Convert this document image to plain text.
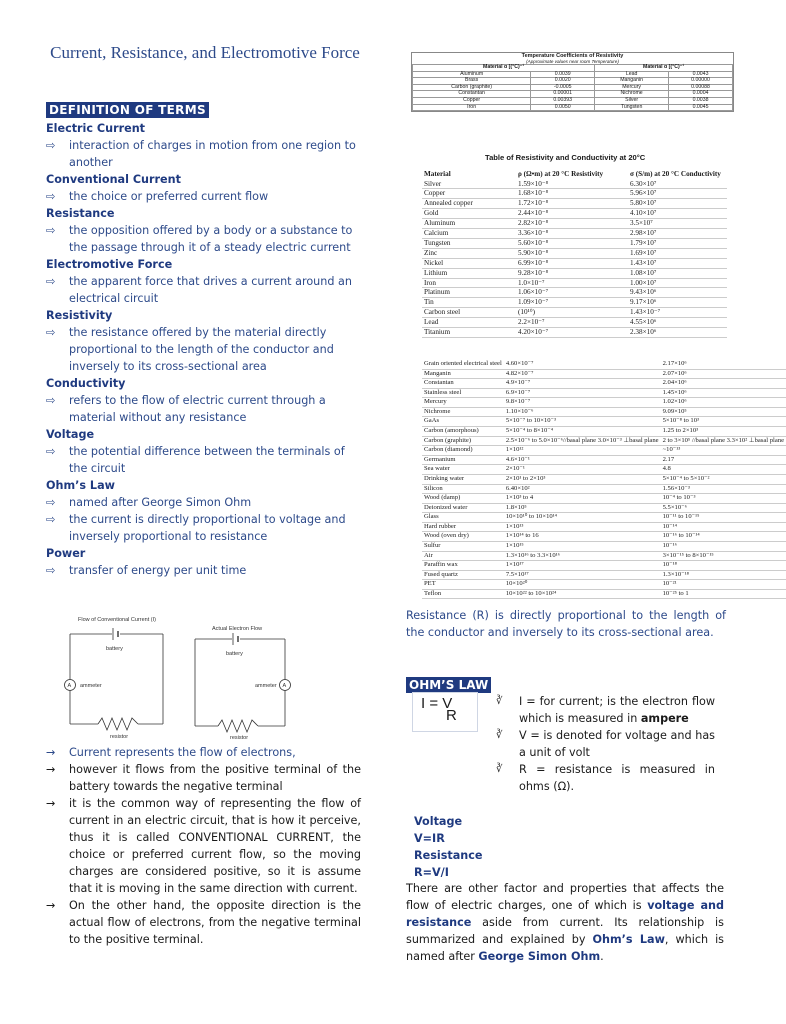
Current, Resistance, and Electromotive Force
DEFINITION OF TERMS
Electric Current
⇨ interaction of charges in motion from one region to another
Conventional Current
⇨ the choice or preferred current flow
Resistance
⇨ the opposition offered by a body or a substance to the passage through it of a steady electric current
Electromotive Force
⇨ the apparent force that drives a current around an electrical circuit
Resistivity
⇨ the resistance offered by the material directly proportional to the length of the conductor and inversely to its cross-sectional area
Conductivity
⇨ refers to the flow of electric current through a material without any resistance
Voltage
⇨ the potential difference between the terminals of the circuit
Ohm’s Law
⇨ named after George Simon Ohm
⇨ the current is directly proportional to voltage and inversely proportional to resistance
Power
⇨ transfer of energy per unit time
Flow of Conventional Current (I)
battery
A ammeter
resistor
Actual Electron Flow
battery
A
ammeter
resistor
→ Current represents the flow of electrons,
→ however it flows from the positive terminal of the battery towards the negative terminal
→ it is the common way of representing the flow of current in an electric circuit, that is how it perceive, thus it is called CONVENTIONAL CURRENT, the choice or preferred current flow, so the moving charges are considered positive, so it is assume that it is moving in the same direction with current.
→ On the other hand, the opposite direction is the actual flow of electrons, from the negative terminal to the positive terminal.
Temperature Coefficients of Resistivity
(Approximate values near room Temperature)
Material α [(°C)⁻¹		Material α [(°C)⁻¹	
Aluminum	0.0039	Lead	0.0043
Brass	0.0020	Manganin	0.00000
Carbon (graphite)	-0.0005	Mercury	0.00088
Constantan	0.00001	Nichrome	0.0004
Copper	0.00393	Silver	0.0038
Iron	0.0050	Tungsten	0.0045
Table of Resistivity and Conductivity at 20°C
Material	ρ (Ω•m) at 20 °C Resistivity	σ (S/m) at 20 °C Conductivity
Silver	1.59×10⁻⁸	6.30×10⁷
Copper	1.68×10⁻⁸	5.96×10⁷
Annealed copper	1.72×10⁻⁸	5.80×10⁷
Gold	2.44×10⁻⁸	4.10×10⁷
Aluminum	2.82×10⁻⁸	3.5×10⁷
Calcium	3.36×10⁻⁸	2.98×10⁷
Tungsten	5.60×10⁻⁸	1.79×10⁷
Zinc	5.90×10⁻⁸	1.69×10⁷
Nickel	6.99×10⁻⁸	1.43×10⁷
Lithium	9.28×10⁻⁸	1.08×10⁷
Iron	1.0×10⁻⁷	1.00×10⁷
Platinum	1.06×10⁻⁷	9.43×10⁶
Tin	1.09×10⁻⁷	9.17×10⁶
Carbon steel	(10¹⁰)	1.43×10⁻⁷
Lead	2.2×10⁻⁷	4.55×10⁶
Titanium	4.20×10⁻⁷	2.38×10⁶
Grain oriented electrical steel	4.60×10⁻⁷	2.17×10⁶
Manganin	4.82×10⁻⁷	2.07×10⁶
Constantan	4.9×10⁻⁷	2.04×10⁶
Stainless steel	6.9×10⁻⁷	1.45×10⁶
Mercury	9.8×10⁻⁷	1.02×10⁶
Nichrome	1.10×10⁻⁶	9.09×10⁵
GaAs	5×10⁻⁷ to 10×10⁻³	5×10⁻⁸ to 10³
Carbon (amorphous)	5×10⁻⁴ to 8×10⁻⁴	1.25 to 2×10³
Carbon (graphite)	2.5×10⁻⁶ to 5.0×10⁻⁶//basal plane 3.0×10⁻³ ⊥basal plane	2 to 3×10⁵ //basal plane 3.3×10² ⊥basal plane
Carbon (diamond)	1×10¹²	~10⁻¹³
Germanium	4.6×10⁻¹	2.17
Sea water	2×10⁻¹	4.8
Drinking water	2×10¹ to 2×10³	5×10⁻⁴ to 5×10⁻²
Silicon	6.40×10²	1.56×10⁻³
Wood (damp)	1×10³ to 4	10⁻⁴ to 10⁻³
Deionized water	1.8×10⁵	5.5×10⁻⁶
Glass	10×10¹⁰ to 10×10¹⁴	10⁻¹¹ to 10⁻¹⁵
Hard rubber	1×10¹³	10⁻¹⁴
Wood (oven dry)	1×10¹⁴ to 16	10⁻¹⁶ to 10⁻¹⁴
Sulfur	1×10¹⁵	10⁻¹⁶
Air	1.3×10¹⁶ to 3.3×10¹⁶	3×10⁻¹⁵ to 8×10⁻¹⁵
Paraffin wax	1×10¹⁷	10⁻¹⁸
Fused quartz	7.5×10¹⁷	1.3×10⁻¹⁸
PET	10×10²⁰	10⁻²¹
Teflon	10×10²² to 10×10²⁴	10⁻²⁵ to 1
Resistance (R) is directly proportional to the length of the conductor and inversely to its cross-sectional area.
OHM’S LAW
I = V
R
∛ I = for current; is the electron flow which is measured in ampere
∛ V = is denoted for voltage and has a unit of volt
∛ R = resistance is measured in ohms (Ω).
Voltage
V=IR
Resistance
R=V/I
There are other factor and properties that affects the flow of electric charges, one of which is voltage and resistance aside from current. Its relationship is summarized and explained by Ohm’s Law, which is named after George Simon Ohm.
